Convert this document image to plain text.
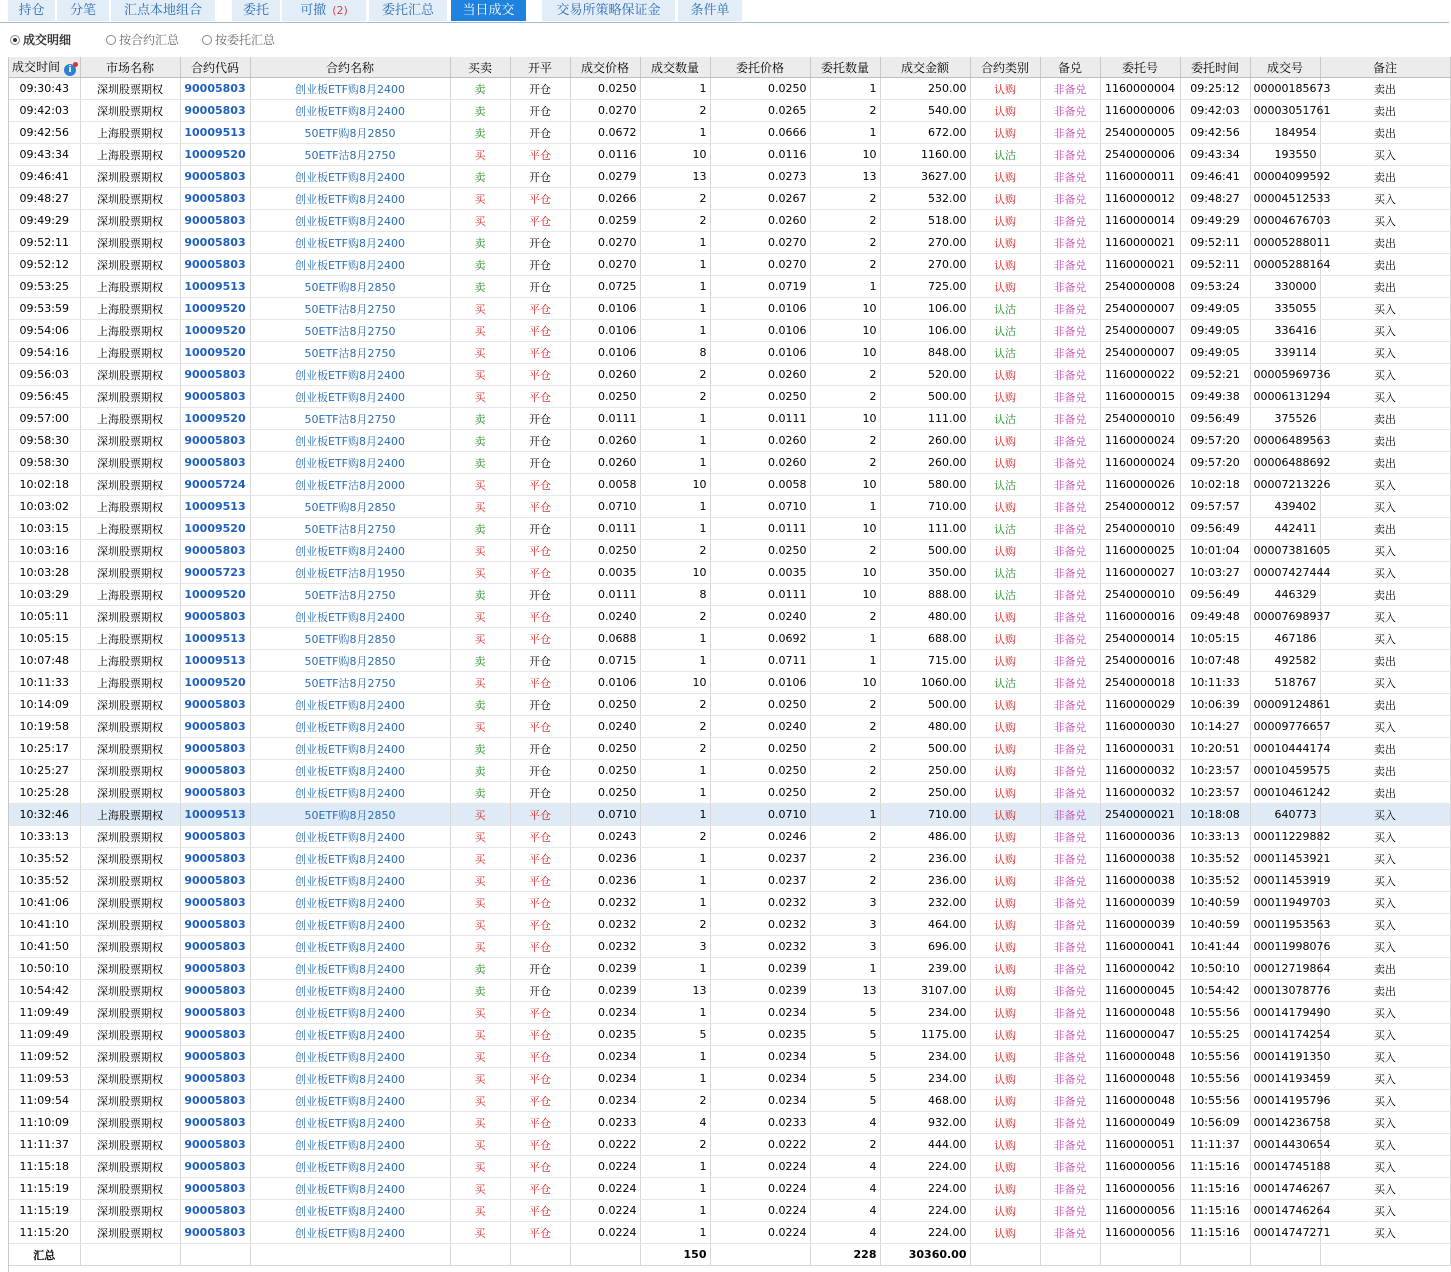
持仓	分笔	汇点本地组合	委托	可撤 (2)	委托汇总	当日成交	交易所策略保证金	条件单
成交明细	按合约汇总	按委托汇总
成交时间 i	市场名称	合约代码	合约名称	买卖	开平	成交价格	成交数量	委托价格	委托数量	成交金额	合约类别	备兑	委托号	委托时间	成交号	备注
09:30:43	深圳股票期权	90005803	创业板ETF购8月2400	卖	开仓	0.0250	1	0.0250	1	250.00	认购	非备兑	1160000004	09:25:12	00000185673	卖出
09:42:03	深圳股票期权	90005803	创业板ETF购8月2400	卖	开仓	0.0270	2	0.0265	2	540.00	认购	非备兑	1160000006	09:42:03	00003051761	卖出
09:42:56	上海股票期权	10009513	50ETF购8月2850	卖	开仓	0.0672	1	0.0666	1	672.00	认购	非备兑	2540000005	09:42:56	184954	卖出
09:43:34	上海股票期权	10009520	50ETF沽8月2750	买	平仓	0.0116	10	0.0116	10	1160.00	认沽	非备兑	2540000006	09:43:34	193550	买入
09:46:41	深圳股票期权	90005803	创业板ETF购8月2400	卖	开仓	0.0279	13	0.0273	13	3627.00	认购	非备兑	1160000011	09:46:41	00004099592	卖出
09:48:27	深圳股票期权	90005803	创业板ETF购8月2400	买	平仓	0.0266	2	0.0267	2	532.00	认购	非备兑	1160000012	09:48:27	00004512533	买入
09:49:29	深圳股票期权	90005803	创业板ETF购8月2400	买	平仓	0.0259	2	0.0260	2	518.00	认购	非备兑	1160000014	09:49:29	00004676703	买入
09:52:11	深圳股票期权	90005803	创业板ETF购8月2400	卖	开仓	0.0270	1	0.0270	2	270.00	认购	非备兑	1160000021	09:52:11	00005288011	卖出
09:52:12	深圳股票期权	90005803	创业板ETF购8月2400	卖	开仓	0.0270	1	0.0270	2	270.00	认购	非备兑	1160000021	09:52:11	00005288164	卖出
09:53:25	上海股票期权	10009513	50ETF购8月2850	卖	开仓	0.0725	1	0.0719	1	725.00	认购	非备兑	2540000008	09:53:24	330000	卖出
09:53:59	上海股票期权	10009520	50ETF沽8月2750	买	平仓	0.0106	1	0.0106	10	106.00	认沽	非备兑	2540000007	09:49:05	335055	买入
09:54:06	上海股票期权	10009520	50ETF沽8月2750	买	平仓	0.0106	1	0.0106	10	106.00	认沽	非备兑	2540000007	09:49:05	336416	买入
09:54:16	上海股票期权	10009520	50ETF沽8月2750	买	平仓	0.0106	8	0.0106	10	848.00	认沽	非备兑	2540000007	09:49:05	339114	买入
09:56:03	深圳股票期权	90005803	创业板ETF购8月2400	买	平仓	0.0260	2	0.0260	2	520.00	认购	非备兑	1160000022	09:52:21	00005969736	买入
09:56:45	深圳股票期权	90005803	创业板ETF购8月2400	买	平仓	0.0250	2	0.0250	2	500.00	认购	非备兑	1160000015	09:49:38	00006131294	买入
09:57:00	上海股票期权	10009520	50ETF沽8月2750	卖	开仓	0.0111	1	0.0111	10	111.00	认沽	非备兑	2540000010	09:56:49	375526	卖出
09:58:30	深圳股票期权	90005803	创业板ETF购8月2400	卖	开仓	0.0260	1	0.0260	2	260.00	认购	非备兑	1160000024	09:57:20	00006489563	卖出
09:58:30	深圳股票期权	90005803	创业板ETF购8月2400	卖	开仓	0.0260	1	0.0260	2	260.00	认购	非备兑	1160000024	09:57:20	00006488692	卖出
10:02:18	深圳股票期权	90005724	创业板ETF沽8月2000	买	平仓	0.0058	10	0.0058	10	580.00	认沽	非备兑	1160000026	10:02:18	00007213226	买入
10:03:02	上海股票期权	10009513	50ETF购8月2850	买	平仓	0.0710	1	0.0710	1	710.00	认购	非备兑	2540000012	09:57:57	439402	买入
10:03:15	上海股票期权	10009520	50ETF沽8月2750	卖	开仓	0.0111	1	0.0111	10	111.00	认沽	非备兑	2540000010	09:56:49	442411	卖出
10:03:16	深圳股票期权	90005803	创业板ETF购8月2400	买	平仓	0.0250	2	0.0250	2	500.00	认购	非备兑	1160000025	10:01:04	00007381605	买入
10:03:28	深圳股票期权	90005723	创业板ETF沽8月1950	买	平仓	0.0035	10	0.0035	10	350.00	认沽	非备兑	1160000027	10:03:27	00007427444	买入
10:03:29	上海股票期权	10009520	50ETF沽8月2750	卖	开仓	0.0111	8	0.0111	10	888.00	认沽	非备兑	2540000010	09:56:49	446329	卖出
10:05:11	深圳股票期权	90005803	创业板ETF购8月2400	买	平仓	0.0240	2	0.0240	2	480.00	认购	非备兑	1160000016	09:49:48	00007698937	买入
10:05:15	上海股票期权	10009513	50ETF购8月2850	买	平仓	0.0688	1	0.0692	1	688.00	认购	非备兑	2540000014	10:05:15	467186	买入
10:07:48	上海股票期权	10009513	50ETF购8月2850	卖	开仓	0.0715	1	0.0711	1	715.00	认购	非备兑	2540000016	10:07:48	492582	卖出
10:11:33	上海股票期权	10009520	50ETF沽8月2750	买	平仓	0.0106	10	0.0106	10	1060.00	认沽	非备兑	2540000018	10:11:33	518767	买入
10:14:09	深圳股票期权	90005803	创业板ETF购8月2400	卖	开仓	0.0250	2	0.0250	2	500.00	认购	非备兑	1160000029	10:06:39	00009124861	卖出
10:19:58	深圳股票期权	90005803	创业板ETF购8月2400	买	平仓	0.0240	2	0.0240	2	480.00	认购	非备兑	1160000030	10:14:27	00009776657	买入
10:25:17	深圳股票期权	90005803	创业板ETF购8月2400	卖	开仓	0.0250	2	0.0250	2	500.00	认购	非备兑	1160000031	10:20:51	00010444174	卖出
10:25:27	深圳股票期权	90005803	创业板ETF购8月2400	卖	开仓	0.0250	1	0.0250	2	250.00	认购	非备兑	1160000032	10:23:57	00010459575	卖出
10:25:28	深圳股票期权	90005803	创业板ETF购8月2400	卖	开仓	0.0250	1	0.0250	2	250.00	认购	非备兑	1160000032	10:23:57	00010461242	卖出
10:32:46	上海股票期权	10009513	50ETF购8月2850	买	平仓	0.0710	1	0.0710	1	710.00	认购	非备兑	2540000021	10:18:08	640773	买入
10:33:13	深圳股票期权	90005803	创业板ETF购8月2400	买	平仓	0.0243	2	0.0246	2	486.00	认购	非备兑	1160000036	10:33:13	00011229882	买入
10:35:52	深圳股票期权	90005803	创业板ETF购8月2400	买	平仓	0.0236	1	0.0237	2	236.00	认购	非备兑	1160000038	10:35:52	00011453921	买入
10:35:52	深圳股票期权	90005803	创业板ETF购8月2400	买	平仓	0.0236	1	0.0237	2	236.00	认购	非备兑	1160000038	10:35:52	00011453919	买入
10:41:06	深圳股票期权	90005803	创业板ETF购8月2400	买	平仓	0.0232	1	0.0232	3	232.00	认购	非备兑	1160000039	10:40:59	00011949703	买入
10:41:10	深圳股票期权	90005803	创业板ETF购8月2400	买	平仓	0.0232	2	0.0232	3	464.00	认购	非备兑	1160000039	10:40:59	00011953563	买入
10:41:50	深圳股票期权	90005803	创业板ETF购8月2400	买	平仓	0.0232	3	0.0232	3	696.00	认购	非备兑	1160000041	10:41:44	00011998076	买入
10:50:10	深圳股票期权	90005803	创业板ETF购8月2400	卖	开仓	0.0239	1	0.0239	1	239.00	认购	非备兑	1160000042	10:50:10	00012719864	卖出
10:54:42	深圳股票期权	90005803	创业板ETF购8月2400	卖	开仓	0.0239	13	0.0239	13	3107.00	认购	非备兑	1160000045	10:54:42	00013078776	卖出
11:09:49	深圳股票期权	90005803	创业板ETF购8月2400	买	平仓	0.0234	1	0.0234	5	234.00	认购	非备兑	1160000048	10:55:56	00014179490	买入
11:09:49	深圳股票期权	90005803	创业板ETF购8月2400	买	平仓	0.0235	5	0.0235	5	1175.00	认购	非备兑	1160000047	10:55:25	00014174254	买入
11:09:52	深圳股票期权	90005803	创业板ETF购8月2400	买	平仓	0.0234	1	0.0234	5	234.00	认购	非备兑	1160000048	10:55:56	00014191350	买入
11:09:53	深圳股票期权	90005803	创业板ETF购8月2400	买	平仓	0.0234	1	0.0234	5	234.00	认购	非备兑	1160000048	10:55:56	00014193459	买入
11:09:54	深圳股票期权	90005803	创业板ETF购8月2400	买	平仓	0.0234	2	0.0234	5	468.00	认购	非备兑	1160000048	10:55:56	00014195796	买入
11:10:09	深圳股票期权	90005803	创业板ETF购8月2400	买	平仓	0.0233	4	0.0233	4	932.00	认购	非备兑	1160000049	10:56:09	00014236758	买入
11:11:37	深圳股票期权	90005803	创业板ETF购8月2400	买	平仓	0.0222	2	0.0222	2	444.00	认购	非备兑	1160000051	11:11:37	00014430654	买入
11:15:18	深圳股票期权	90005803	创业板ETF购8月2400	买	平仓	0.0224	1	0.0224	4	224.00	认购	非备兑	1160000056	11:15:16	00014745188	买入
11:15:19	深圳股票期权	90005803	创业板ETF购8月2400	买	平仓	0.0224	1	0.0224	4	224.00	认购	非备兑	1160000056	11:15:16	00014746267	买入
11:15:19	深圳股票期权	90005803	创业板ETF购8月2400	买	平仓	0.0224	1	0.0224	4	224.00	认购	非备兑	1160000056	11:15:16	00014746264	买入
11:15:20	深圳股票期权	90005803	创业板ETF购8月2400	买	平仓	0.0224	1	0.0224	4	224.00	认购	非备兑	1160000056	11:15:16	00014747271	买入
汇总							150		228	30360.00						
